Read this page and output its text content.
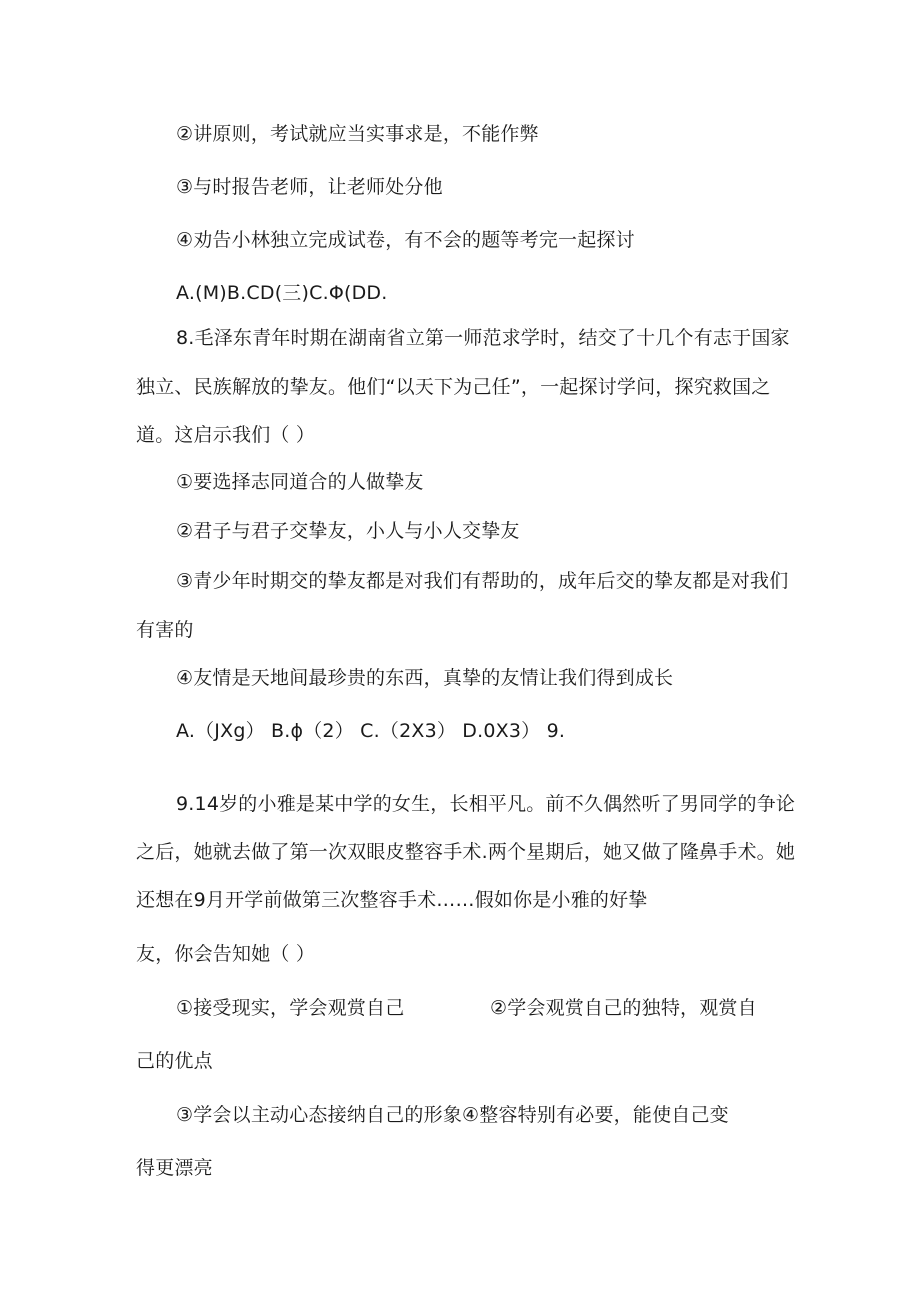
②讲原则，考试就应当实事求是，不能作弊
③与时报告老师，让老师处分他
④劝告小林独立完成试卷，有不会的题等考完一起探讨
A.(M)B.CD(三)C.Φ(DD.
8.毛泽东青年时期在湖南省立第一师范求学时，结交了十几个有志于国家
独立、民族解放的挚友。他们“以天下为己任”，一起探讨学问，探究救国之
道。这启示我们（ ）
①要选择志同道合的人做挚友
②君子与君子交挚友，小人与小人交挚友
③青少年时期交的挚友都是对我们有帮助的，成年后交的挚友都是对我们
有害的
④友情是天地间最珍贵的东西，真挚的友情让我们得到成长
A.（JXg） B.ϕ（2） C.（2X3） D.0X3） 9.
9.14岁的小雅是某中学的女生，长相平凡。前不久偶然听了男同学的争论
之后，她就去做了第一次双眼皮整容手术.两个星期后，她又做了隆鼻手术。她
还想在9月开学前做第三次整容手术……假如你是小雅的好挚
友，你会告知她（ ）
①接受现实，学会观赏自己	②学会观赏自己的独特，观赏自
己的优点
③学会以主动心态接纳自己的形象④整容特别有必要，能使自己变
得更漂亮
